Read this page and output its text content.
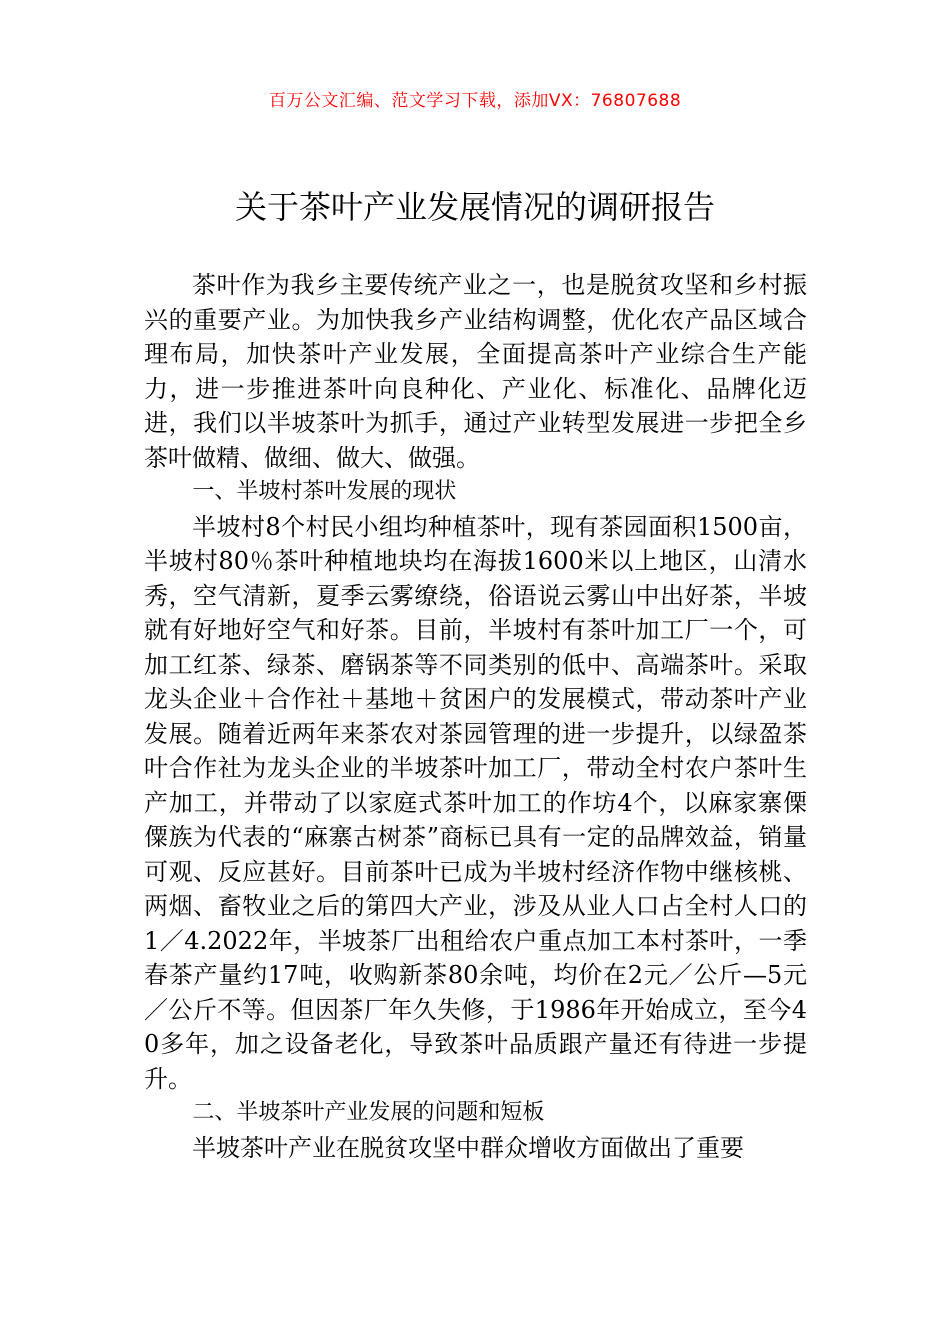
百万公文汇编、范文学习下载，添加VX：76807688
关于茶叶产业发展情况的调研报告

茶叶作为我乡主要传统产业之一，也是脱贫攻坚和乡村振兴的重要产业。为加快我乡产业结构调整，优化农产品区域合理布局，加快茶叶产业发展，全面提高茶叶产业综合生产能力，进一步推进茶叶向良种化、产业化、标准化、品牌化迈进，我们以半坡茶叶为抓手，通过产业转型发展进一步把全乡茶叶做精、做细、做大、做强。

一、半坡村茶叶发展的现状

半坡村8个村民小组均种植茶叶，现有茶园面积1500亩，半坡村80％茶叶种植地块均在海拔1600米以上地区，山清水秀，空气清新，夏季云雾缭绕，俗语说云雾山中出好茶，半坡就有好地好空气和好茶。目前，半坡村有茶叶加工厂一个，可加工红茶、绿茶、磨锅茶等不同类别的低中、高端茶叶。采取龙头企业＋合作社＋基地＋贫困户的发展模式，带动茶叶产业发展。随着近两年来茶农对茶园管理的进一步提升，以绿盈茶叶合作社为龙头企业的半坡茶叶加工厂，带动全村农户茶叶生产加工，并带动了以家庭式茶叶加工的作坊4个，以麻家寨傈僳族为代表的“麻寨古树茶”商标已具有一定的品牌效益，销量可观、反应甚好。目前茶叶已成为半坡村经济作物中继核桃、两烟、畜牧业之后的第四大产业，涉及从业人口占全村人口的1／4.2022年，半坡茶厂出租给农户重点加工本村茶叶，一季春茶产量约17吨，收购新茶80余吨，均价在2元／公斤—5元／公斤不等。但因茶厂年久失修，于1986年开始成立，至今40多年，加之设备老化，导致茶叶品质跟产量还有待进一步提升。

二、半坡茶叶产业发展的问题和短板

半坡茶叶产业在脱贫攻坚中群众增收方面做出了重要
